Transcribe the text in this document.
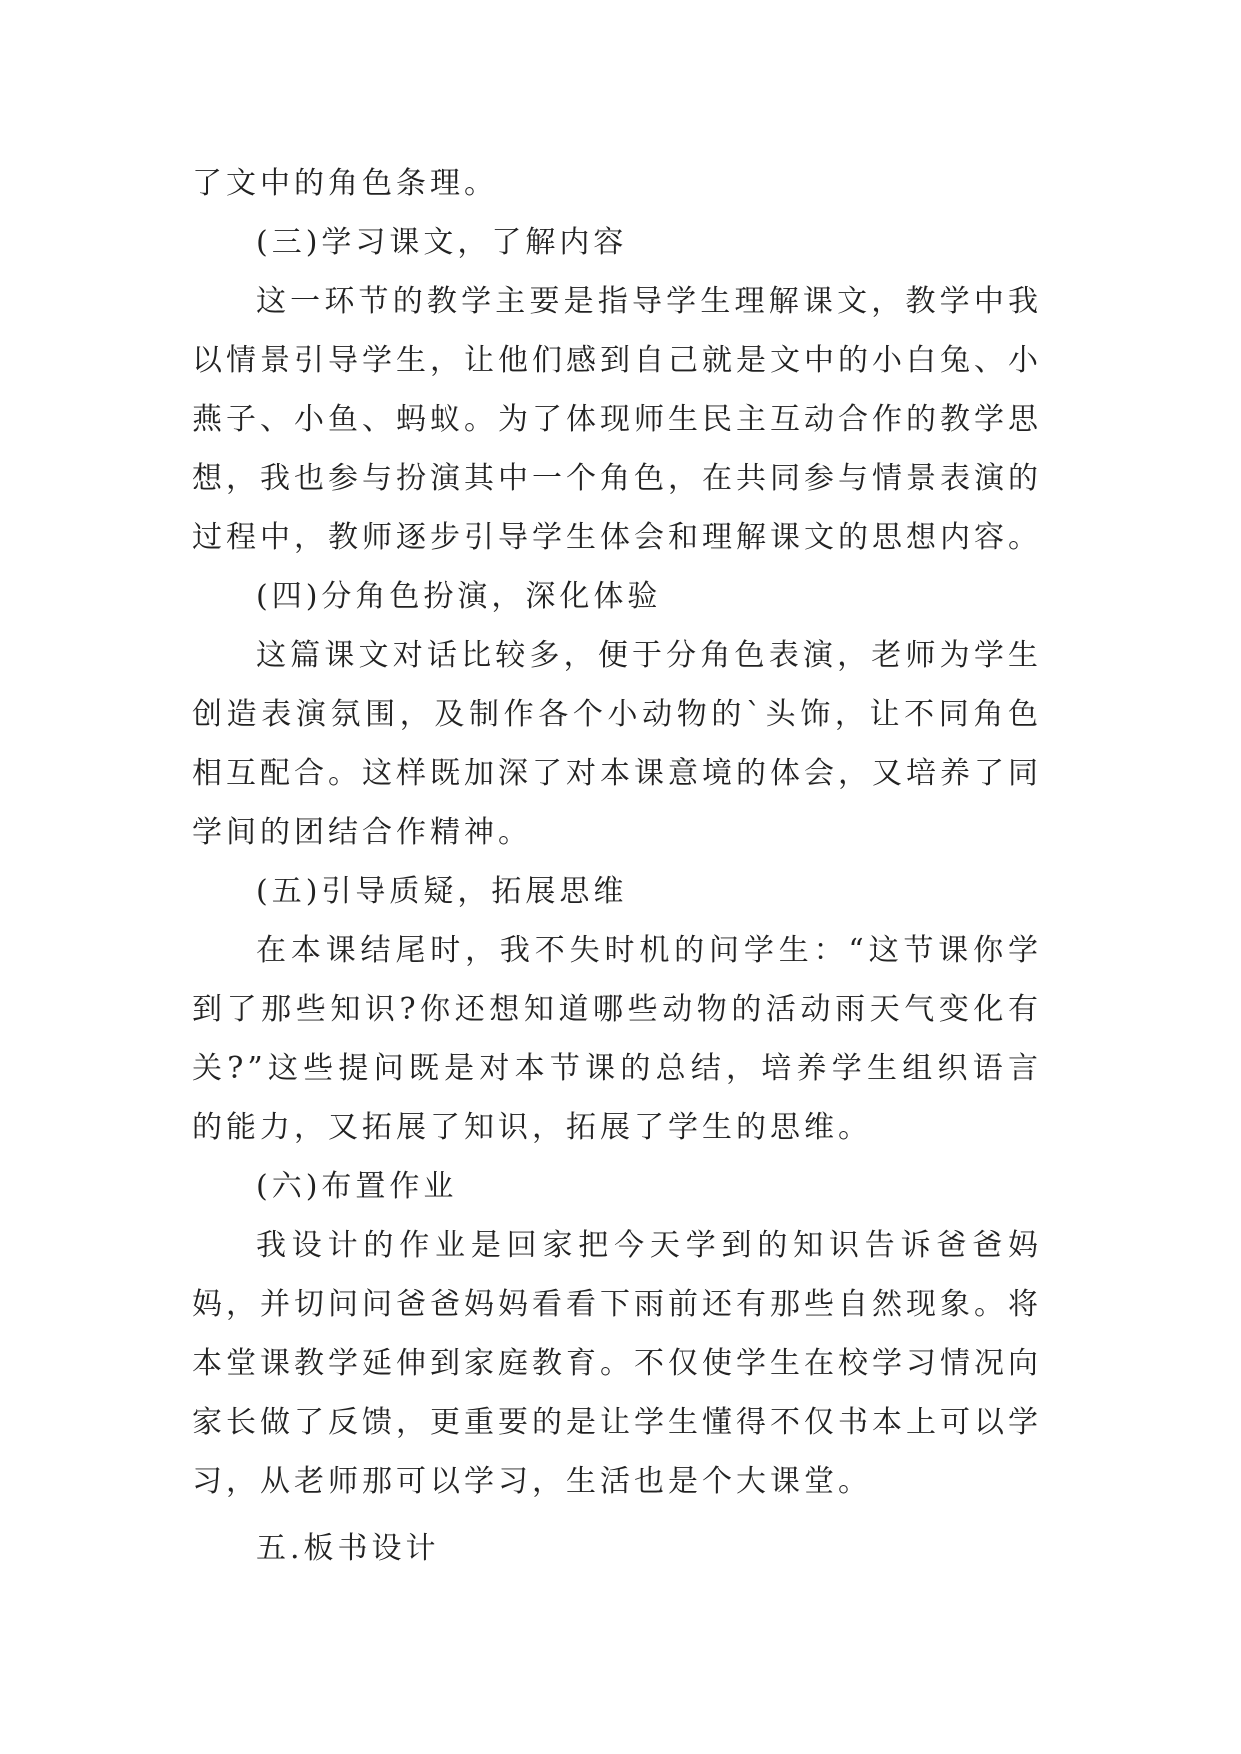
了文中的角色条理。

(三)学习课文，了解内容

这一环节的教学主要是指导学生理解课文，教学中我以情景引导学生，让他们感到自己就是文中的小白兔、小燕子、小鱼、蚂蚁。为了体现师生民主互动合作的教学思想，我也参与扮演其中一个角色，在共同参与情景表演的过程中，教师逐步引导学生体会和理解课文的思想内容。

(四)分角色扮演，深化体验

这篇课文对话比较多，便于分角色表演，老师为学生创造表演氛围，及制作各个小动物的`头饰，让不同角色相互配合。这样既加深了对本课意境的体会，又培养了同学间的团结合作精神。

(五)引导质疑，拓展思维

在本课结尾时，我不失时机的问学生：“这节课你学到了那些知识?你还想知道哪些动物的活动雨天气变化有关?”这些提问既是对本节课的总结，培养学生组织语言的能力，又拓展了知识，拓展了学生的思维。

(六)布置作业

我设计的作业是回家把今天学到的知识告诉爸爸妈妈，并切问问爸爸妈妈看看下雨前还有那些自然现象。将本堂课教学延伸到家庭教育。不仅使学生在校学习情况向家长做了反馈，更重要的是让学生懂得不仅书本上可以学习，从老师那可以学习，生活也是个大课堂。

五.板书设计
